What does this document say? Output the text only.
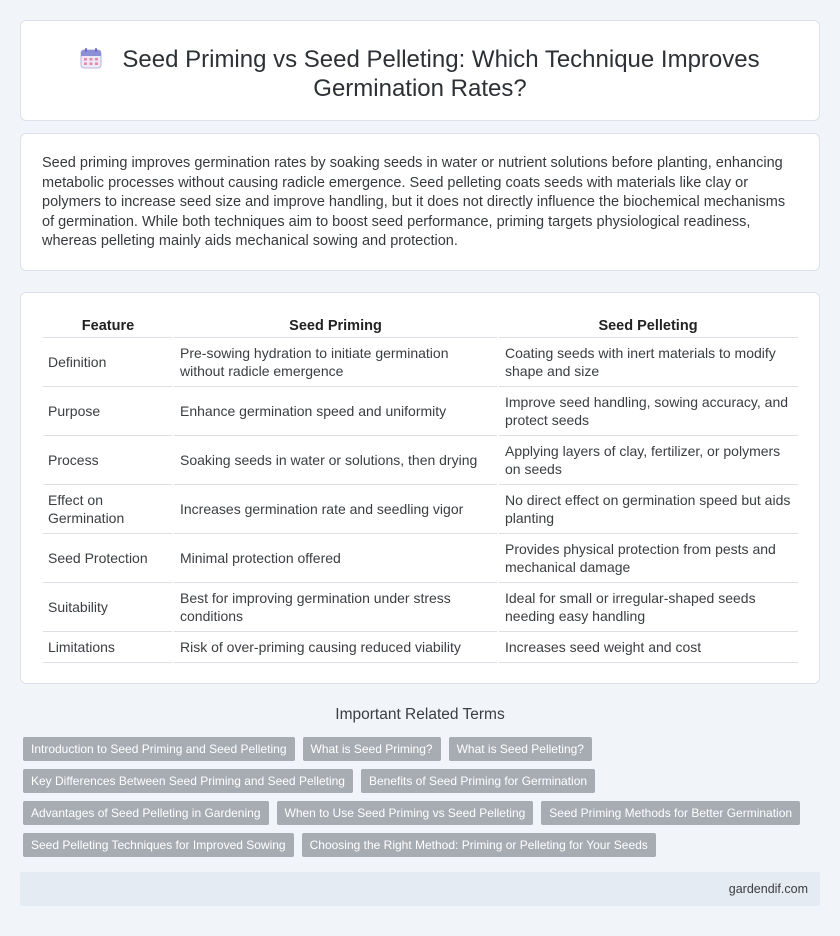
Seed Priming vs Seed Pelleting: Which Technique Improves Germination Rates?

Seed priming improves germination rates by soaking seeds in water or nutrient solutions before planting, enhancing metabolic processes without causing radicle emergence. Seed pelleting coats seeds with materials like clay or polymers to increase seed size and improve handling, but it does not directly influence the biochemical mechanisms of germination. While both techniques aim to boost seed performance, priming targets physiological readiness, whereas pelleting mainly aids mechanical sowing and protection.

Feature	Seed Priming	Seed Pelleting
Definition	Pre-sowing hydration to initiate germination without radicle emergence	Coating seeds with inert materials to modify shape and size
Purpose	Enhance germination speed and uniformity	Improve seed handling, sowing accuracy, and protect seeds
Process	Soaking seeds in water or solutions, then drying	Applying layers of clay, fertilizer, or polymers on seeds
Effect on Germination	Increases germination rate and seedling vigor	No direct effect on germination speed but aids planting
Seed Protection	Minimal protection offered	Provides physical protection from pests and mechanical damage
Suitability	Best for improving germination under stress conditions	Ideal for small or irregular-shaped seeds needing easy handling
Limitations	Risk of over-priming causing reduced viability	Increases seed weight and cost
Important Related Terms
Introduction to Seed Priming and Seed Pelleting	What is Seed Priming?	What is Seed Pelleting?
Key Differences Between Seed Priming and Seed Pelleting	Benefits of Seed Priming for Germination
Advantages of Seed Pelleting in Gardening	When to Use Seed Priming vs Seed Pelleting	Seed Priming Methods for Better Germination
Seed Pelleting Techniques for Improved Sowing	Choosing the Right Method: Priming or Pelleting for Your Seeds
gardendif.com
